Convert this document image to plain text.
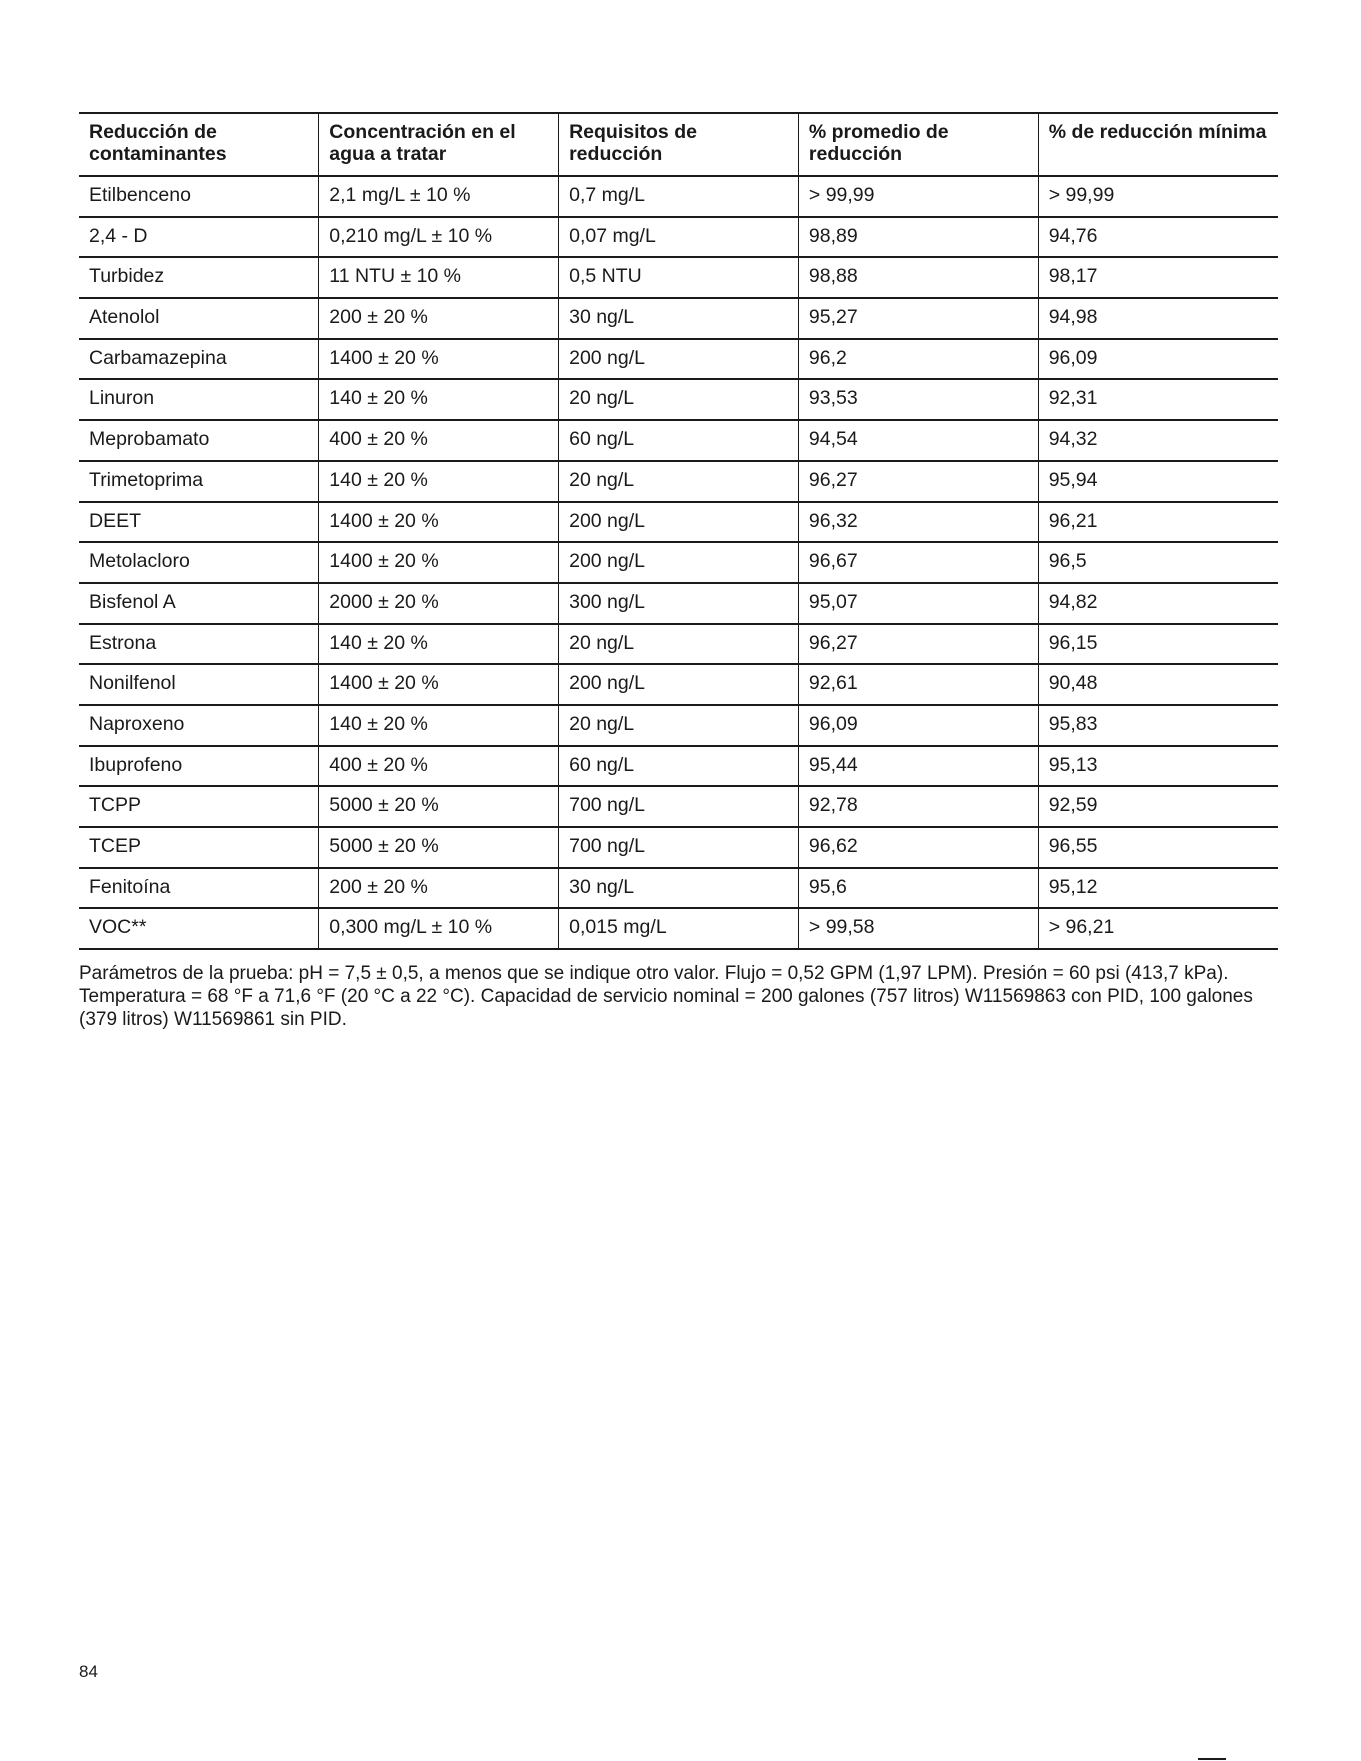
Reducción de contaminantes	Concentración en el agua a tratar	Requisitos de reducción	% promedio de reducción	% de reducción mínima
Etilbenceno	2,1 mg/L ± 10 %	0,7 mg/L	> 99,99	> 99,99
2,4 - D	0,210 mg/L ± 10 %	0,07 mg/L	98,89	94,76
Turbidez	11 NTU ± 10 %	0,5 NTU	98,88	98,17
Atenolol	200 ± 20 %	30 ng/L	95,27	94,98
Carbamazepina	1400 ± 20 %	200 ng/L	96,2	96,09
Linuron	140 ± 20 %	20 ng/L	93,53	92,31
Meprobamato	400 ± 20 %	60 ng/L	94,54	94,32
Trimetoprima	140 ± 20 %	20 ng/L	96,27	95,94
DEET	1400 ± 20 %	200 ng/L	96,32	96,21
Metolacloro	1400 ± 20 %	200 ng/L	96,67	96,5
Bisfenol A	2000 ± 20 %	300 ng/L	95,07	94,82
Estrona	140 ± 20 %	20 ng/L	96,27	96,15
Nonilfenol	1400 ± 20 %	200 ng/L	92,61	90,48
Naproxeno	140 ± 20 %	20 ng/L	96,09	95,83
Ibuprofeno	400 ± 20 %	60 ng/L	95,44	95,13
TCPP	5000 ± 20 %	700 ng/L	92,78	92,59
TCEP	5000 ± 20 %	700 ng/L	96,62	96,55
Fenitoína	200 ± 20 %	30 ng/L	95,6	95,12
VOC**	0,300 mg/L ± 10 %	0,015 mg/L	> 99,58	> 96,21
Parámetros de la prueba: pH = 7,5 ± 0,5, a menos que se indique otro valor. Flujo = 0,52 GPM (1,97 LPM). Presión = 60 psi (413,7 kPa). Temperatura = 68 °F a 71,6 °F (20 °C a 22 °C). Capacidad de servicio nominal = 200 galones (757 litros) W11569863 con PID, 100 galones (379 litros) W11569861 sin PID.
84
